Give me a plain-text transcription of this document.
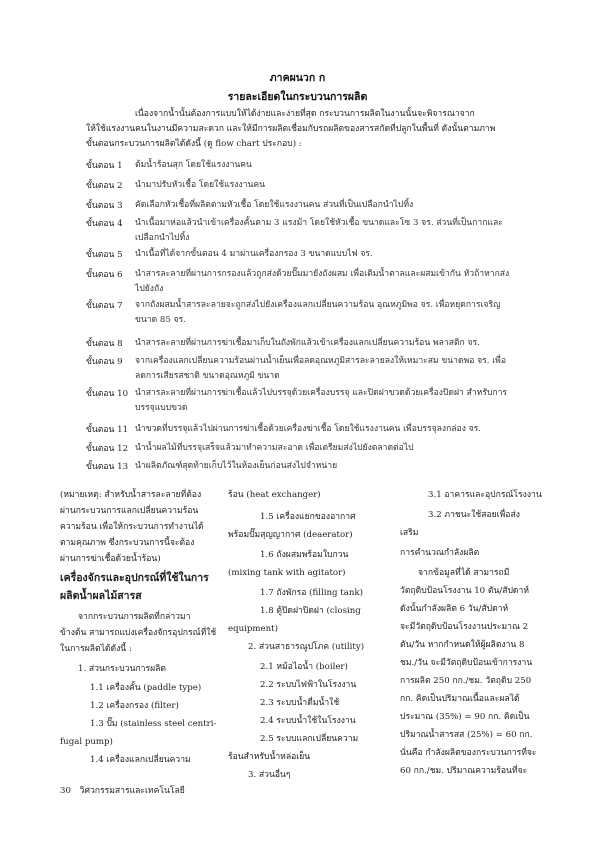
ภาคผนวก ก
รายละเอียดในกระบวนการผลิต
เนื่องจากน้ำนั้นต้องการแบบให้ได้ง่ายและง่ายที่สุด กระบวนการผลิตในงานนั้นจะพิจารณาจาก
ให้ใช้แรงงานคนในงานมีความสะดวก และให้มีการผลิตเชื่อมกับรถผลิตของสารสกัดที่ปลูกในพื้นที่ ดังนั้นตามภาพ
ขั้นตอนกระบวนการผลิตได้ดังนี้ (ดู flow chart ประกอบ) :
ขั้นตอน 1 ต้มน้ำร้อนสุก โดยใช้แรงงานคน
ขั้นตอน 2 นำมาปรับหัวเชื้อ โดยใช้แรงงานคน
ขั้นตอน 3 คัดเลือกหัวเชื้อที่ผลิตตามหัวเชื้อ โดยใช้แรงงานคน ส่วนที่เป็นเปลือกนำไปทิ้ง
ขั้นตอน 4 นำเนื้อมาห่อแล้วนำเข้าเครื่องคั้นตาม 3 แรงม้า โดยใช้หัวเชื้อ ขนาดและโซ 3 จร. ส่วนที่เป็นกากและเปลือกนำไปทิ้ง
ขั้นตอน 5 นำเนื้อที่ได้จากขั้นตอน 4 มาผ่านเครื่องกรอง 3 ขนาดแบบไฟ จร.
ขั้นตอน 6 นำสารละลายที่ผ่านการกรองแล้วถูกส่งด้วยปั๊มมายังถังผสม เพื่อเติมน้ำตาลและผสมเข้ากัน หัวถ้าหากส่งไปยังถัง
ขั้นตอน 7 จากถังผสมน้ำสารละลายจะถูกส่งไปยังเครื่องแลกเปลี่ยนความร้อน อุณหภูมิพอ จร. เพื่อหยุดการเจริญ ขนาด 85 จร.
ขั้นตอน 8 นำสารละลายที่ผ่านการฆ่าเชื้อมาเก็บในถังพักแล้วเข้าเครื่องแลกเปลี่ยนความร้อน พลาสติก จร.
ขั้นตอน 9 จากเครื่องแลกเปลี่ยนความร้อนผ่านน้ำเย็นเพื่อลดอุณหภูมิสารละลายลงให้เหมาะสม ขนาดพอ จร. เพื่อลดการเสียรสชาติ ขนาดอุณหภูมิ ขนาด
ขั้นตอน 10 นำสารละลายที่ผ่านการฆ่าเชื้อแล้วไปบรรจุด้วยเครื่องบรรจุ และปิดฝาขวดด้วยเครื่องปิดฝา สำหรับการบรรจุแบบขวด
ขั้นตอน 11 นำขวดที่บรรจุแล้วไปผ่านการฆ่าเชื้อด้วยเครื่องฆ่าเชื้อ โดยใช้แรงงานคน เพื่อบรรจุลงกล่อง จร.
ขั้นตอน 12 นำน้ำผลไม้ที่บรรจุเสร็จแล้วมาทำความสะอาด เพื่อเตรียมส่งไปยังตลาดต่อไป
ขั้นตอน 13 นำผลิตภัณฑ์สุดท้ายเก็บไว้ในห้องเย็นก่อนส่งไปจำหน่าย
(หมายเหตุ: สำหรับน้ำสารละลายที่ต้อง
ผ่านกระบวนการแลกเปลี่ยนความร้อน
ความร้อน เพื่อให้กระบวนการทำงานได้
ตามคุณภาพ ซึ่งกระบวนการนี้จะต้อง
ผ่านการฆ่าเชื้อด้วยน้ำร้อน)
เครื่องจักรและอุปกรณ์ที่ใช้ในการ
ผลิตน้ำผลไม้สารส
จากกระบวนการผลิตที่กล่าวมา
ข้างต้น สามารถแบ่งเครื่องจักรอุปกรณ์ที่ใช้
ในการผลิตได้ดังนี้ :
1. ส่วนกระบวนการผลิต
1.1 เครื่องคั้น (paddle type)
1.2 เครื่องกรอง (filter)
1.3 ปั๊ม (stainless steel centri-
fugal pump)
1.4 เครื่องแลกเปลี่ยนความ
ร้อน (heat exchanger)
1.5 เครื่องแยกของอากาศ
พร้อมปั๊มสุญญากาศ (deaerator)
1.6 ถังผสมพร้อมใบกวน
(mixing tank with agitator)
1.7 ถังพักรอ (filling tank)
1.8 ตู้ปิดฝาปิดฝา (closing
equipment)
2. ส่วนสาธารณูปโภค (utility)
2.1 หม้อไอน้ำ (boiler)
2.2 ระบบไฟฟ้าในโรงงาน
2.3 ระบบน้ำดื่มน้ำใช้
2.4 ระบบน้ำใช้ในโรงงาน
2.5 ระบบแลกเปลี่ยนความ
ร้อนสำหรับน้ำหล่อเย็น
3. ส่วนอื่นๆ
3.1 อาคารและอุปกรณ์โรงงาน
3.2 ภาชนะใช้สอยเพื่อส่ง
เสริม
การคำนวณกำลังผลิต
จากข้อมูลที่ได้ สามารถมี
วัตถุดิบป้อนโรงงาน 10 ตัน/สัปดาห์
ดังนั้นกำลังผลิต 6 วัน/สัปดาห์
จะมีวัตถุดิบป้อนโรงงานประมาณ 2
ตัน/วัน หากกำหนดให้ผู้ผลิตงาน 8
ชม./วัน จะมีวัตถุดิบป้อนเข้าการงาน
การผลิต 250 กก./ชม. วัตถุดิบ 250
กก. คิดเป็นปริมาณเนื้อและผลได้
ประมาณ (35%) = 90 กก. คิดเป็น
ปริมาณน้ำสารสส (25%) = 60 กก.
นั่นคือ กำลังผลิตของกระบวนการที่จะ
60 กก./ชม. ปริมาณความร้อนที่จะ
30 วิศวกรรมสารและเทคโนโลยี
